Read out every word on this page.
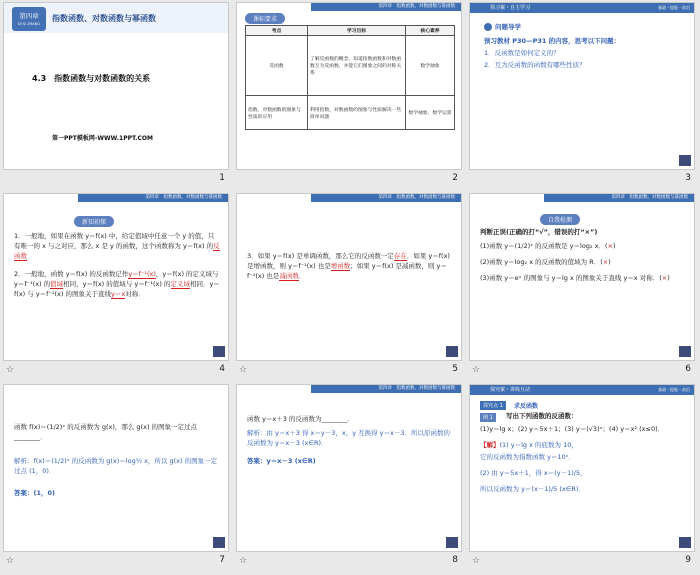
第四章
DI SI ZHANG
指数函数、对数函数与幂函数
4.3　指数函数与对数函数的关系
第一PPT模板网-WWW.1PPT.COM
1
第四章　指数函数、对数函数与幂函数
课标要求
考点	学习目标	核心素养
反函数	了解反函数的概念，知道指数函数和对数函数互为反函数，并能它们图象之间的对称关系	数学抽象
指数、对数函数的图象与性质的应用	利用指数、对数函数的图象与性质解决一些简单问题	数学抽象、数学运算
2
预习案・自主学习	基础・提能・前沿
问题导学
预习教材 P30—P31 的内容，思考以下问题：
1．反函数是如何定义的？
2．互为反函数的函数有哪些性质？
3
第四章　指数函数、对数函数与幂函数
新知初探
1．一般地，如果在函数 y＝f(x) 中，给定值域中任意一个 y 的值，只有唯一的 x 与之对应，那么 x 是 y 的函数，这个函数称为 y＝f(x) 的反函数
2．一般地，函数 y＝f(x) 的反函数记作y＝f⁻¹(x)，y＝f(x) 的定义域与 y＝f⁻¹(x) 的值域相同，y＝f(x) 的值域与 y＝f⁻¹(x) 的定义域相同．y＝f(x) 与 y＝f⁻¹(x) 的图象关于直线y＝x对称．
☆	4
第四章　指数函数、对数函数与幂函数
3．如果 y＝f(x) 是单调函数，那么它的反函数一定存在．如果 y＝f(x) 是增函数，则 y＝f⁻¹(x) 也是增函数；如果 y＝f(x) 是减函数，则 y＝f⁻¹(x) 也是减函数．
☆	5
第四章　指数函数、对数函数与幂函数
自我检测
判断正误(正确的打“√”，错误的打“×”)
(1)函数 y＝(1/2)ˣ 的反函数是 y＝log₂ x．(×)
(2)函数 y＝log₂ x 的反函数的值域为 R．(×)
(3)函数 y＝eˣ 的图象与 y＝lg x 的图象关于直线 y＝x 对称．(×)
☆	6
函数 f(x)＝(1/2)ˣ 的反函数为 g(x)，那么 g(x) 的图象一定过点
________．
解析：f(x)＝(1/2)ˣ 的反函数为 g(x)＝log½ x，所以 g(x) 的图象一定过点 (1，0)．
答案：(1，0)
☆	7
第四章　指数函数、对数函数与幂函数
函数 y＝x＋3 的反函数为________．
解析：由 y＝x＋3 得 x＝y－3，x，y 互换得 y＝x－3．所以原函数的反函数为 y＝x－3 (x∈R)．
答案：y＝x－3 (x∈R)
☆	8
探究案・讲练互动	基础・提能・前沿
探究点 1	求反函数
例 1	写出下列函数的反函数：
(1)y＝lg x；(2) y＝5x＋1；(3) y＝(√3)ˣ；(4) y＝x² (x≤0)．
【解】(1) y＝lg x 的底数为 10，
它的反函数为指数函数 y＝10ˣ．
(2) 由 y＝5x＋1，得 x＝(y－1)/5，
所以反函数为 y＝(x－1)/5 (x∈R)．
☆	9
